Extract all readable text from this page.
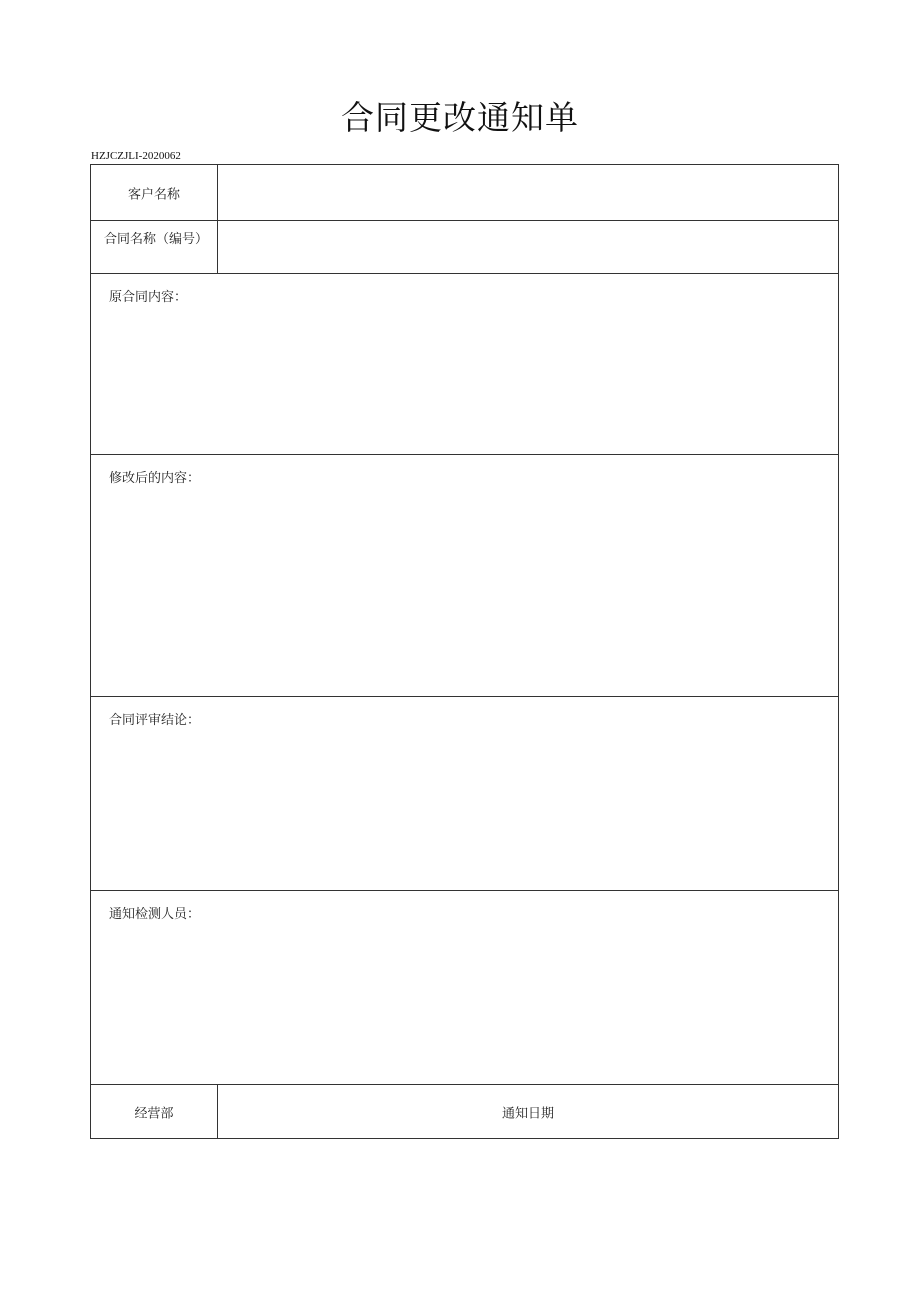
合同更改通知单
HZJCZJLI-2020062
客户名称
合同名称（编号）
原合同内容：
修改后的内容：
合同评审结论：
通知检测人员：
经营部	通知日期
